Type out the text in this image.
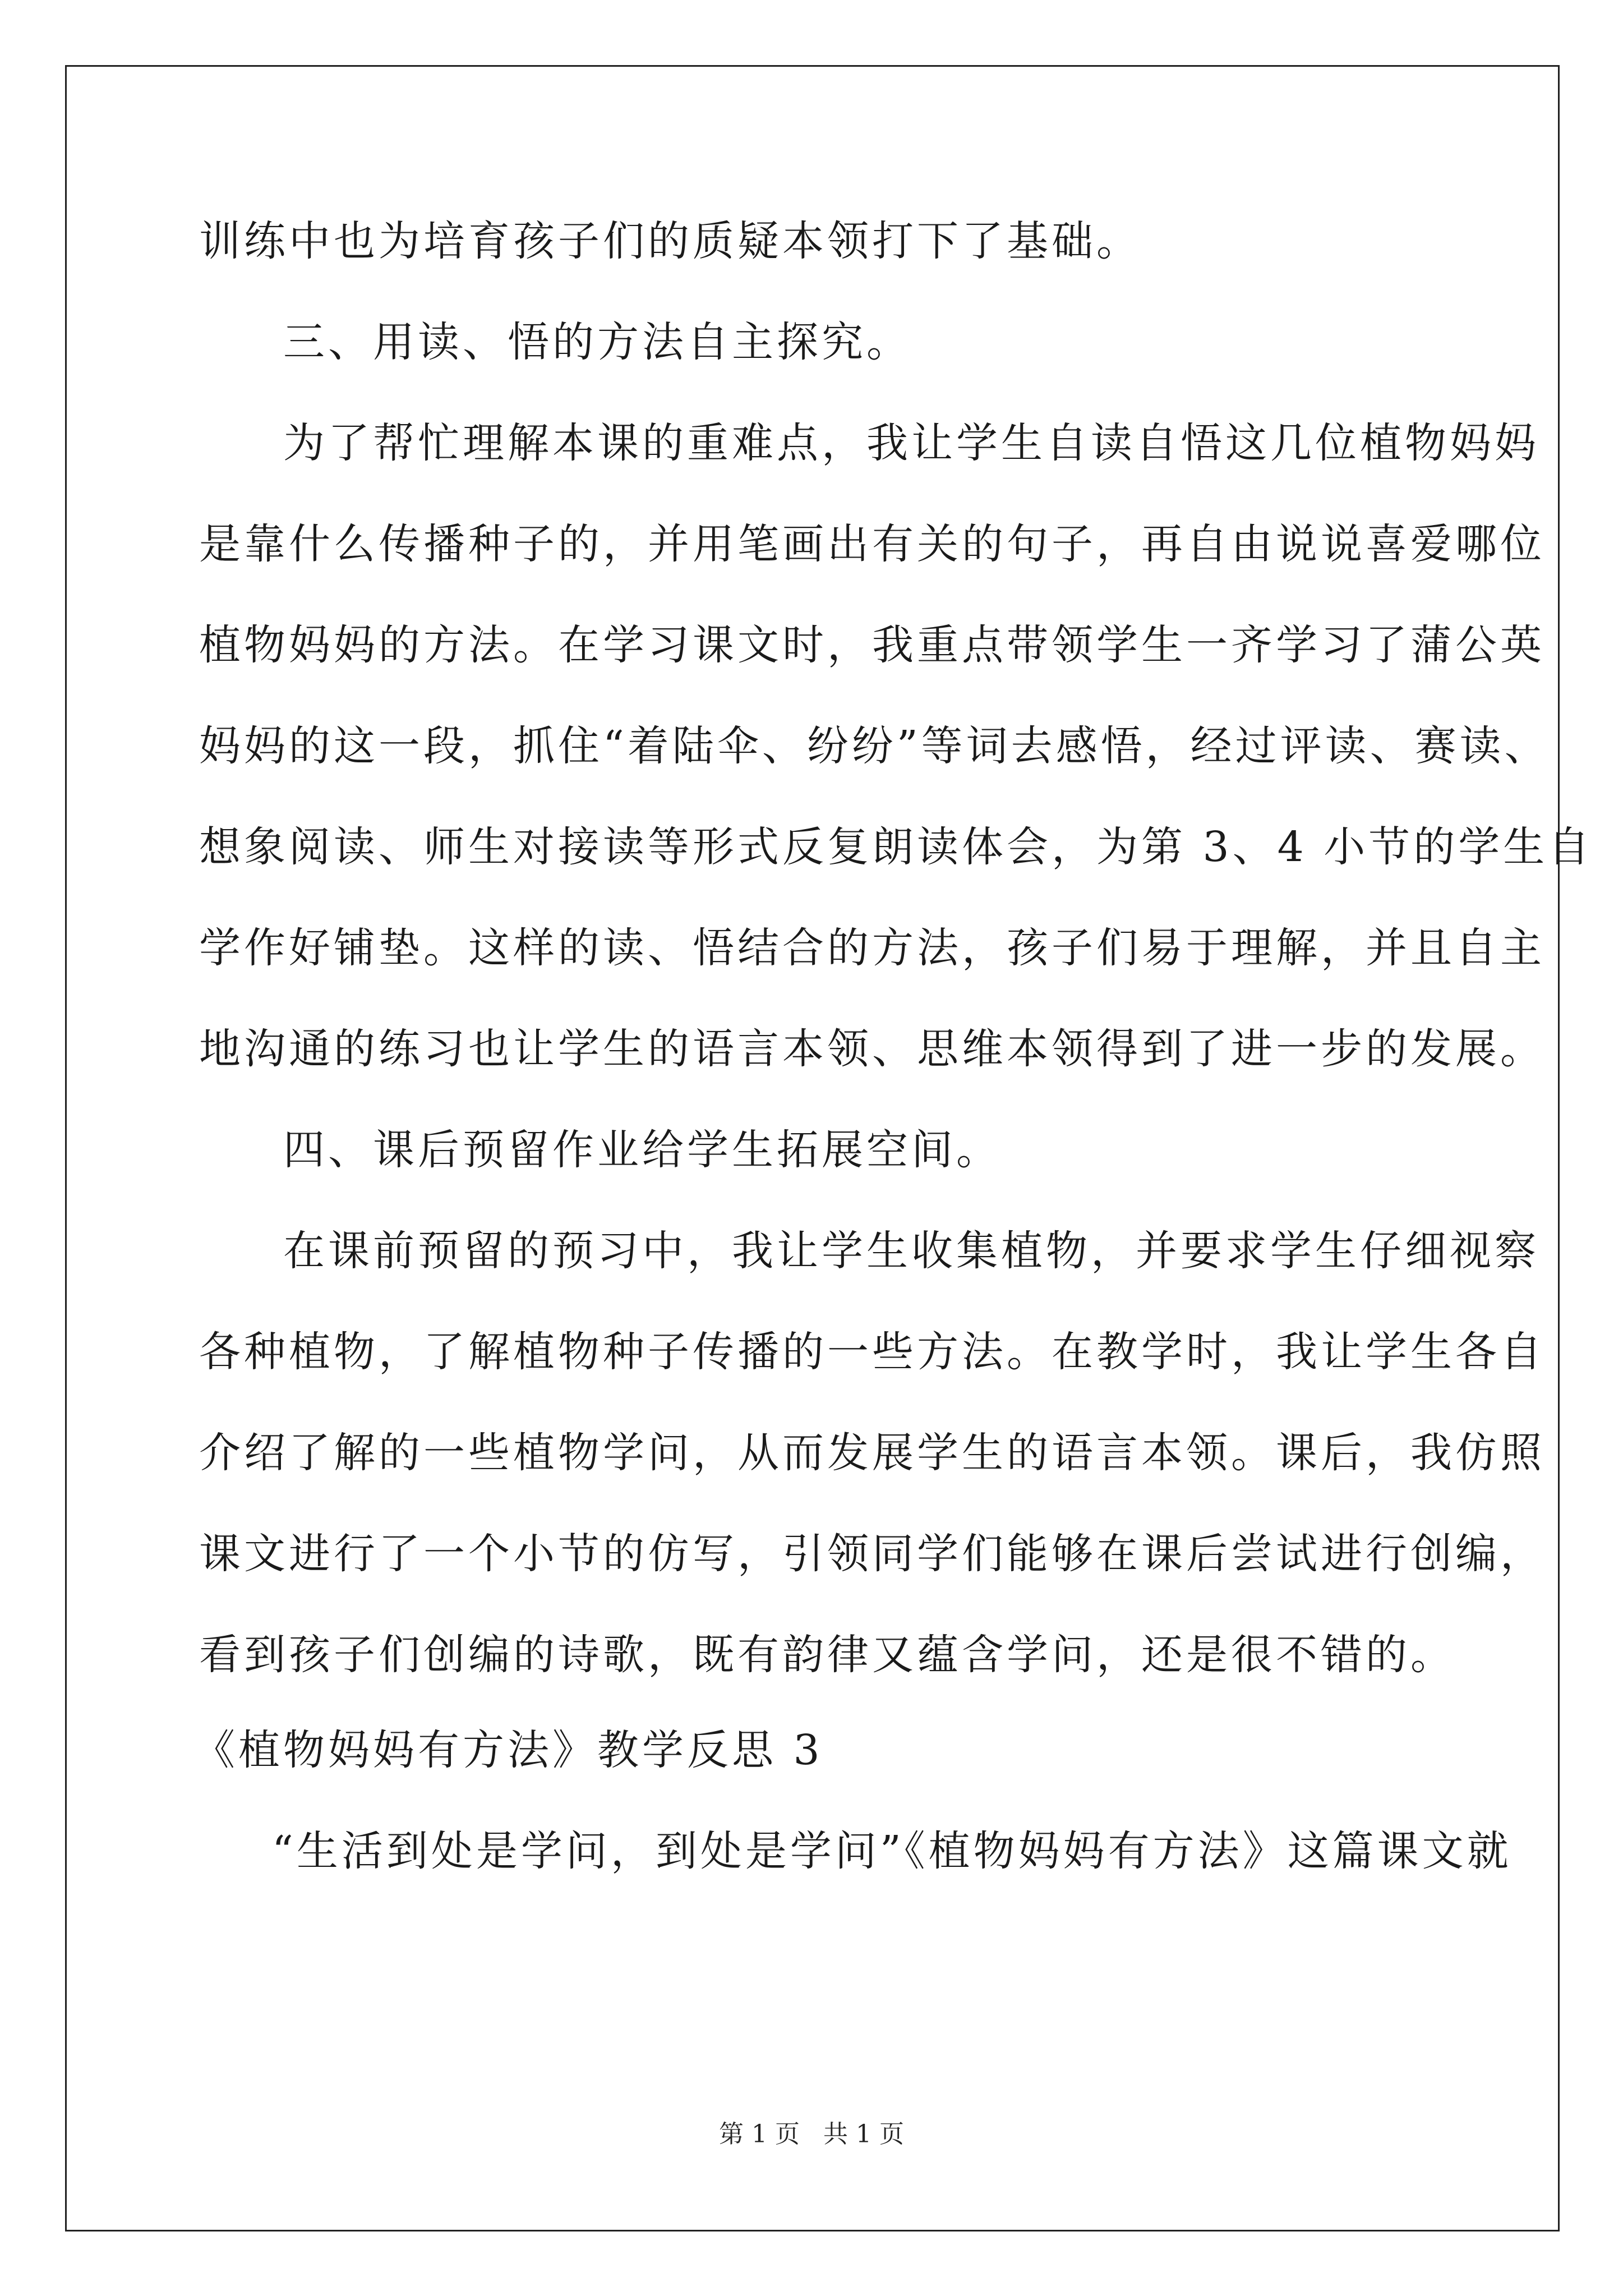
训练中也为培育孩子们的质疑本领打下了基础。
三、用读、悟的方法自主探究。
为了帮忙理解本课的重难点，我让学生自读自悟这几位植物妈妈
是靠什么传播种子的，并用笔画出有关的句子，再自由说说喜爱哪位
植物妈妈的方法。在学习课文时，我重点带领学生一齐学习了蒲公英
妈妈的这一段，抓住“着陆伞、纷纷”等词去感悟，经过评读、赛读、
想象阅读、师生对接读等形式反复朗读体会，为第 3、4 小节的学生自
学作好铺垫。这样的读、悟结合的方法，孩子们易于理解，并且自主
地沟通的练习也让学生的语言本领、思维本领得到了进一步的发展。
四、课后预留作业给学生拓展空间。
在课前预留的预习中，我让学生收集植物，并要求学生仔细视察
各种植物，了解植物种子传播的一些方法。在教学时，我让学生各自
介绍了解的一些植物学问，从而发展学生的语言本领。课后，我仿照
课文进行了一个小节的仿写，引领同学们能够在课后尝试进行创编，
看到孩子们创编的诗歌，既有韵律又蕴含学问，还是很不错的。
《植物妈妈有方法》教学反思 3
“生活到处是学问，到处是学问”《植物妈妈有方法》这篇课文就
第 1 页 共 1 页
